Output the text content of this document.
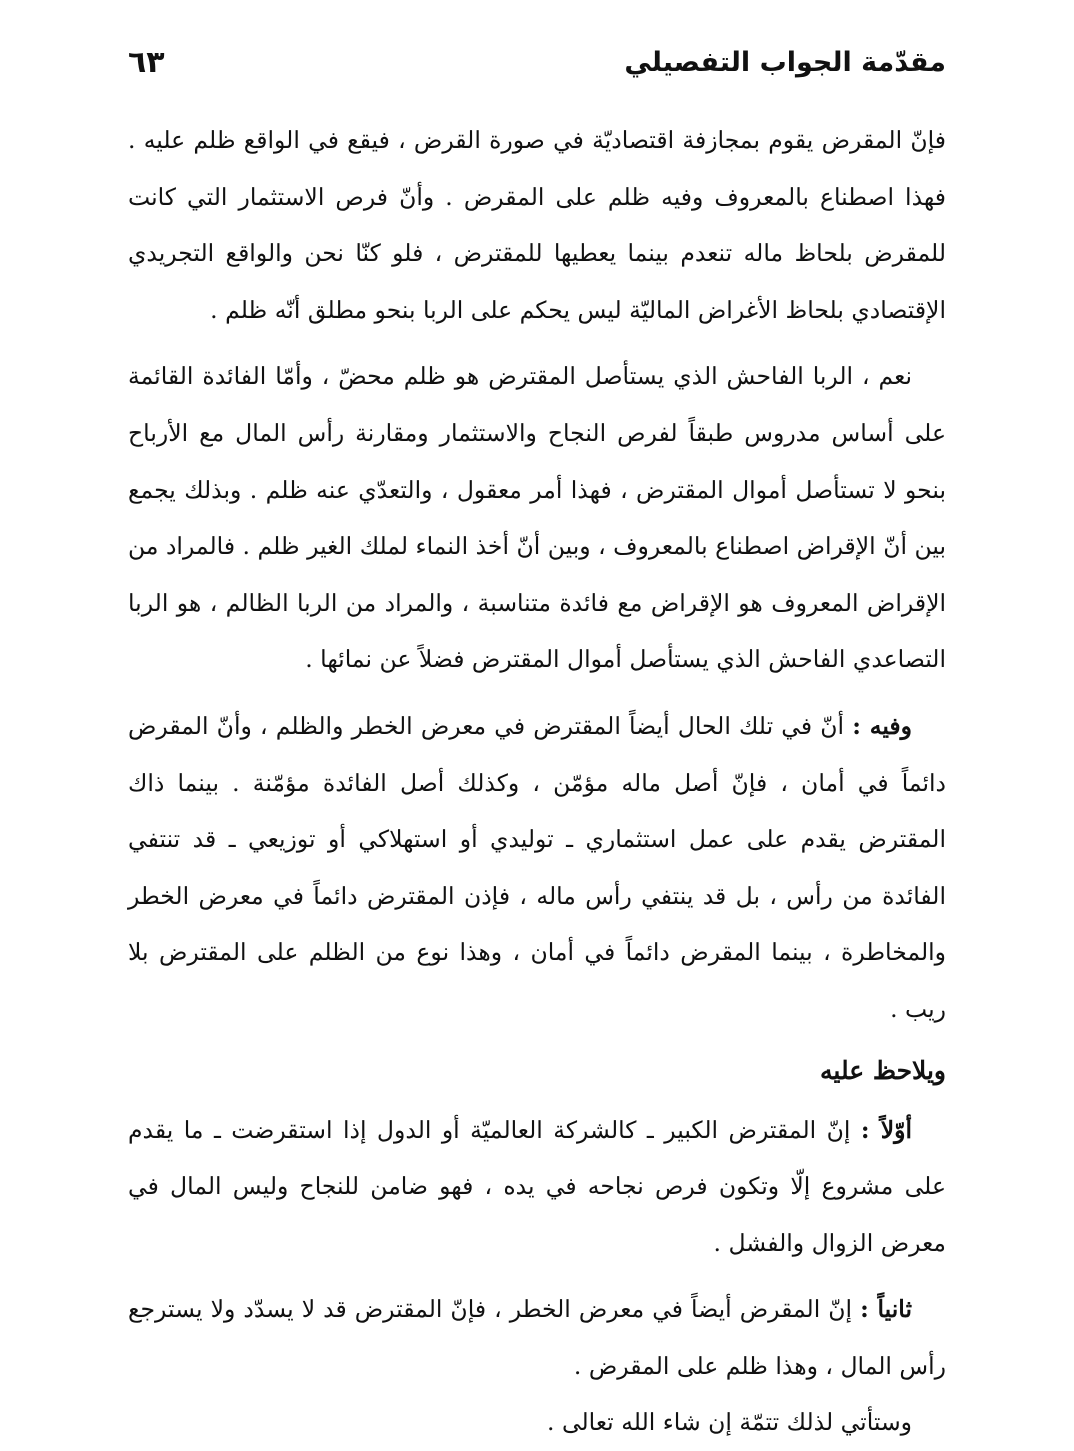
مقدّمة الجواب التفصيلي
٦٣

فإنّ المقرض يقوم بمجازفة اقتصاديّة في صورة القرض ، فيقع في الواقع ظلم عليه . فهذا اصطناع بالمعروف وفيه ظلم على المقرض . وأنّ فرص الاستثمار التي كانت للمقرض بلحاظ ماله تنعدم بينما يعطيها للمقترض ، فلو كنّا نحن والواقع التجريدي الإقتصادي بلحاظ الأغراض الماليّة ليس يحكم على الربا بنحو مطلق أنّه ظلم .

نعم ، الربا الفاحش الذي يستأصل المقترض هو ظلم محضّ ، وأمّا الفائدة القائمة على أساس مدروس طبقاً لفرص النجاح والاستثمار ومقارنة رأس المال مع الأرباح بنحو لا تستأصل أموال المقترض ، فهذا أمر معقول ، والتعدّي عنه ظلم . وبذلك يجمع بين أنّ الإقراض اصطناع بالمعروف ، وبين أنّ أخذ النماء لملك الغير ظلم . فالمراد من الإقراض المعروف هو الإقراض مع فائدة متناسبة ، والمراد من الربا الظالم ، هو الربا التصاعدي الفاحش الذي يستأصل أموال المقترض فضلاً عن نمائها .

وفيه : أنّ في تلك الحال أيضاً المقترض في معرض الخطر والظلم ، وأنّ المقرض دائماً في أمان ، فإنّ أصل ماله مؤمّن ، وكذلك أصل الفائدة مؤمّنة . بينما ذاك المقترض يقدم على عمل استثماري ـ توليدي أو استهلاكي أو توزيعي ـ قد تنتفي الفائدة من رأس ، بل قد ينتفي رأس ماله ، فإذن المقترض دائماً في معرض الخطر والمخاطرة ، بينما المقرض دائماً في أمان ، وهذا نوع من الظلم على المقترض بلا ريب .

ويلاحظ عليه

أوّلاً : إنّ المقترض الكبير ـ كالشركة العالميّة أو الدول إذا استقرضت ـ ما يقدم على مشروع إلّا وتكون فرص نجاحه في يده ، فهو ضامن للنجاح وليس المال في معرض الزوال والفشل .

ثانياً : إنّ المقرض أيضاً في معرض الخطر ، فإنّ المقترض قد لا يسدّد ولا يسترجع رأس المال ، وهذا ظلم على المقرض .

وستأتي لذلك تتمّة إن شاء الله تعالى .
